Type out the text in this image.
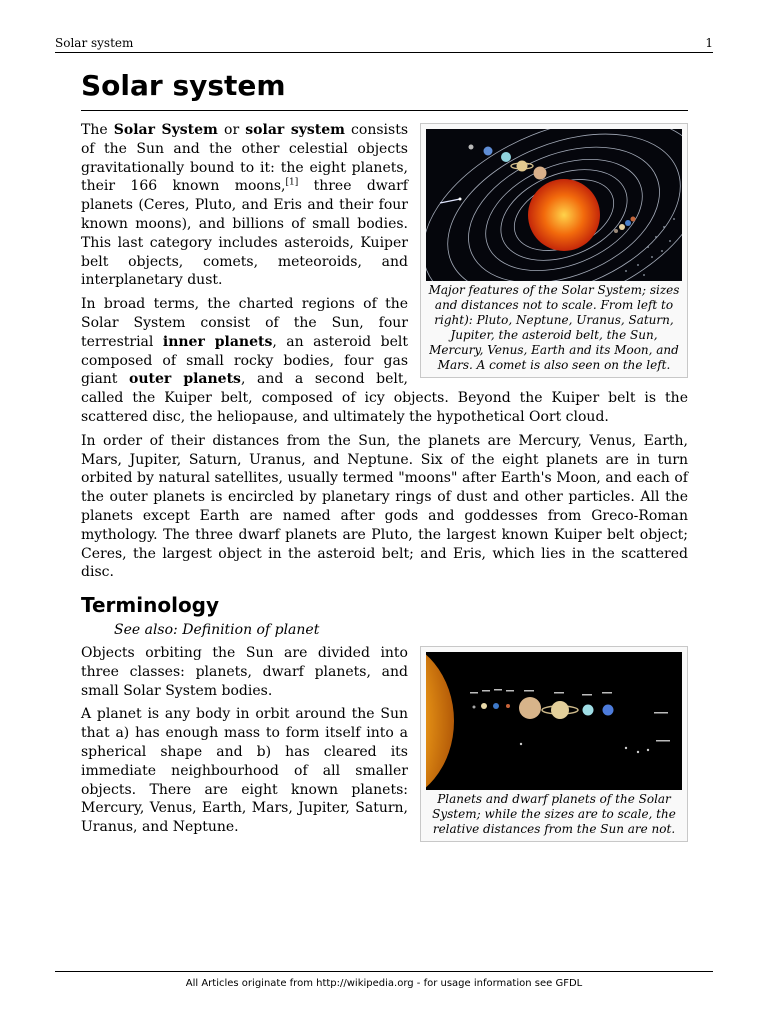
Solar system	1
Solar system
Major features of the Solar System; sizes and distances not to scale. From left to right): Pluto, Neptune, Uranus, Saturn, Jupiter, the asteroid belt, the Sun, Mercury, Venus, Earth and its Moon, and Mars. A comet is also seen on the left.

The Solar System or solar system consists of the Sun and the other celestial objects gravitationally bound to it: the eight planets, their 166 known moons,[1] three dwarf planets (Ceres, Pluto, and Eris and their four known moons), and billions of small bodies. This last category includes asteroids, Kuiper belt objects, comets, meteoroids, and interplanetary dust.

In broad terms, the charted regions of the Solar System consist of the Sun, four terrestrial inner planets, an asteroid belt composed of small rocky bodies, four gas giant outer planets, and a second belt, called the Kuiper belt, composed of icy objects. Beyond the Kuiper belt is the scattered disc, the heliopause, and ultimately the hypothetical Oort cloud.

In order of their distances from the Sun, the planets are Mercury, Venus, Earth, Mars, Jupiter, Saturn, Uranus, and Neptune. Six of the eight planets are in turn orbited by natural satellites, usually termed "moons" after Earth's Moon, and each of the outer planets is encircled by planetary rings of dust and other particles. All the planets except Earth are named after gods and goddesses from Greco-Roman mythology. The three dwarf planets are Pluto, the largest known Kuiper belt object; Ceres, the largest object in the asteroid belt; and Eris, which lies in the scattered disc.

Terminology
See also: Definition of planet
Planets and dwarf planets of the Solar System; while the sizes are to scale, the relative distances from the Sun are not.

Objects orbiting the Sun are divided into three classes: planets, dwarf planets, and small Solar System bodies.

A planet is any body in orbit around the Sun that a) has enough mass to form itself into a spherical shape and b) has cleared its immediate neighbourhood of all smaller objects. There are eight known planets: Mercury, Venus, Earth, Mars, Jupiter, Saturn, Uranus, and Neptune.

All Articles originate from http://wikipedia.org - for usage information see GFDL
